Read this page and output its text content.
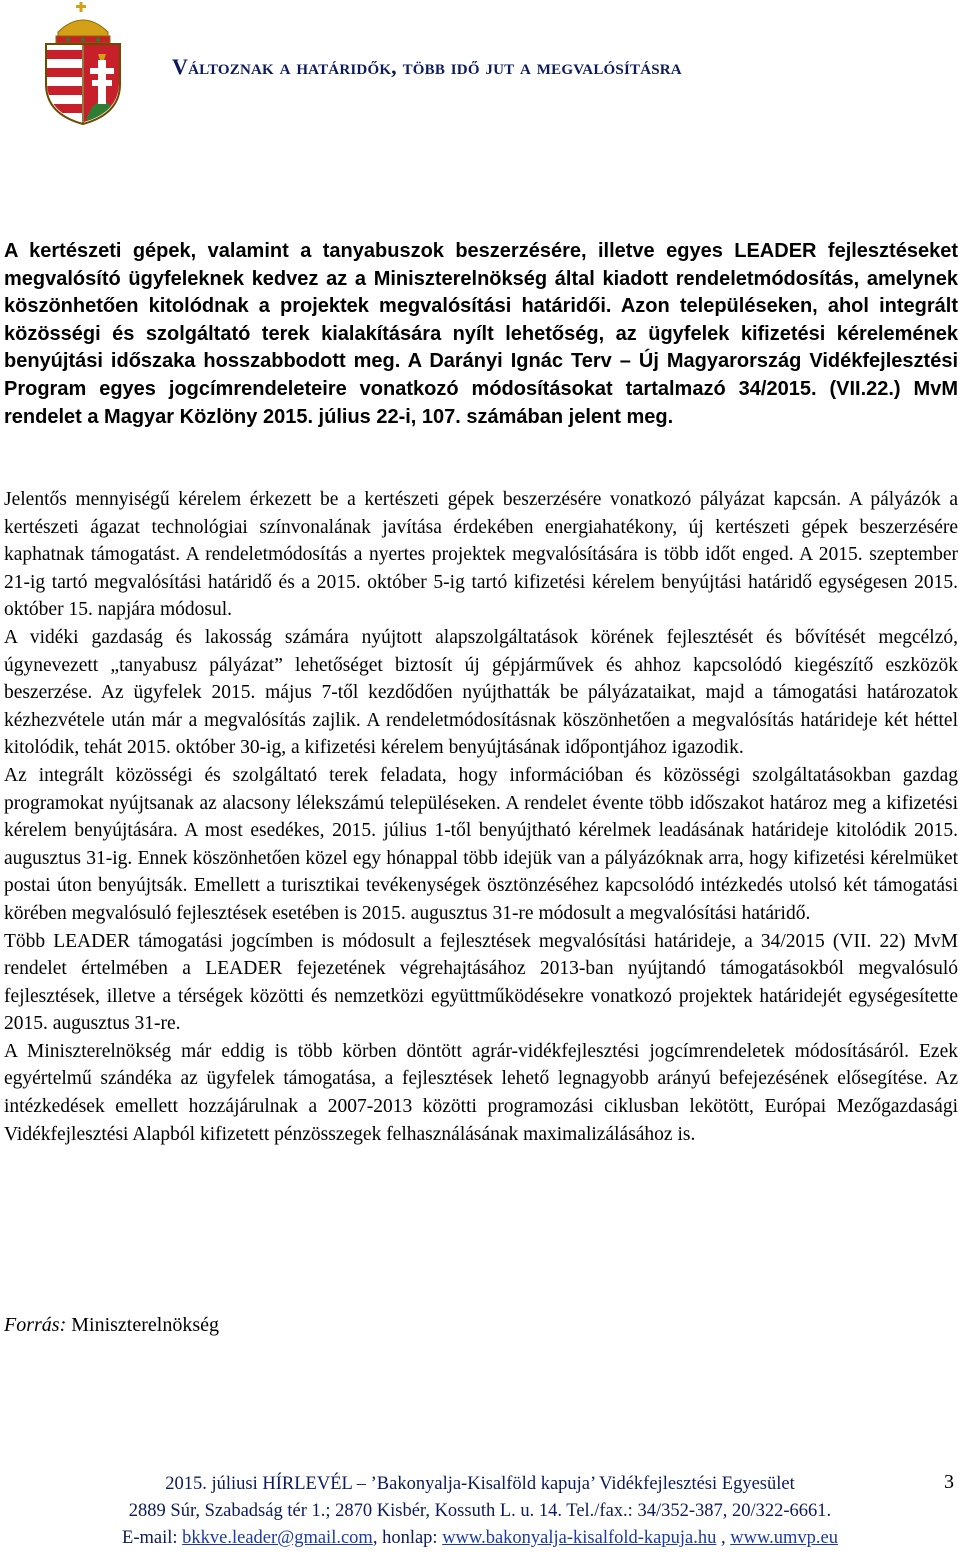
Változnak a határidők, több idő jut a megvalósításra

A kertészeti gépek, valamint a tanyabuszok beszerzésére, illetve egyes LEADER fejlesztéseket megvalósító ügyfeleknek kedvez az a Miniszterelnökség által kiadott rendeletmódosítás, amelynek köszönhetően kitolódnak a projektek megvalósítási határidői. Azon településeken, ahol integrált közösségi és szolgáltató terek kialakítására nyílt lehetőség, az ügyfelek kifizetési kérelemének benyújtási időszaka hosszabbodott meg. A Darányi Ignác Terv – Új Magyarország Vidékfejlesztési Program egyes jogcímrendeleteire vonatkozó módosításokat tartalmazó 34/2015. (VII.22.) MvM rendelet a Magyar Közlöny 2015. július 22-i, 107. számában jelent meg.

Jelentős mennyiségű kérelem érkezett be a kertészeti gépek beszerzésére vonatkozó pályázat kapcsán. A pályázók a kertészeti ágazat technológiai színvonalának javítása érdekében energiahatékony, új kertészeti gépek beszerzésére kaphatnak támogatást. A rendeletmódosítás a nyertes projektek megvalósítására is több időt enged. A 2015. szeptember 21-ig tartó megvalósítási határidő és a 2015. október 5-ig tartó kifizetési kérelem benyújtási határidő egységesen 2015. október 15. napjára módosul.

A vidéki gazdaság és lakosság számára nyújtott alapszolgáltatások körének fejlesztését és bővítését megcélzó, úgynevezett „tanyabusz pályázat” lehetőséget biztosít új gépjárművek és ahhoz kapcsolódó kiegészítő eszközök beszerzése. Az ügyfelek 2015. május 7-től kezdődően nyújthatták be pályázataikat, majd a támogatási határozatok kézhezvétele után már a megvalósítás zajlik. A rendeletmódosításnak köszönhetően a megvalósítás határideje két héttel kitolódik, tehát 2015. október 30-ig, a kifizetési kérelem benyújtásának időpontjához igazodik.

Az integrált közösségi és szolgáltató terek feladata, hogy információban és közösségi szolgáltatásokban gazdag programokat nyújtsanak az alacsony lélekszámú településeken. A rendelet évente több időszakot határoz meg a kifizetési kérelem benyújtására. A most esedékes, 2015. július 1-től benyújtható kérelmek leadásának határideje kitolódik 2015. augusztus 31-ig. Ennek köszönhetően közel egy hónappal több idejük van a pályázóknak arra, hogy kifizetési kérelmüket postai úton benyújtsák. Emellett a turisztikai tevékenységek ösztönzéséhez kapcsolódó intézkedés utolsó két támogatási körében megvalósuló fejlesztések esetében is 2015. augusztus 31-re módosult a megvalósítási határidő.

Több LEADER támogatási jogcímben is módosult a fejlesztések megvalósítási határideje, a 34/2015 (VII. 22) MvM rendelet értelmében a LEADER fejezetének végrehajtásához 2013-ban nyújtandó támogatásokból megvalósuló fejlesztések, illetve a térségek közötti és nemzetközi együttműködésekre vonatkozó projektek határidejét egységesítette 2015. augusztus 31-re.

A Miniszterelnökség már eddig is több körben döntött agrár-vidékfejlesztési jogcímrendeletek módosításáról. Ezek egyértelmű szándéka az ügyfelek támogatása, a fejlesztések lehető legnagyobb arányú befejezésének elősegítése. Az intézkedések emellett hozzájárulnak a 2007-2013 közötti programozási ciklusban lekötött, Európai Mezőgazdasági Vidékfejlesztési Alapból kifizetett pénzösszegek felhasználásának maximalizálásához is.

Forrás: Miniszterelnökség
2015. júliusi HÍRLEVÉL – ’Bakonyalja-Kisalföld kapuja’ Vidékfejlesztési Egyesület
2889 Súr, Szabadság tér 1.; 2870 Kisbér, Kossuth L. u. 14. Tel./fax.: 34/352-387, 20/322-6661.
E-mail: bkkve.leader@gmail.com, honlap: www.bakonyalja-kisalfold-kapuja.hu , www.umvp.eu
3
